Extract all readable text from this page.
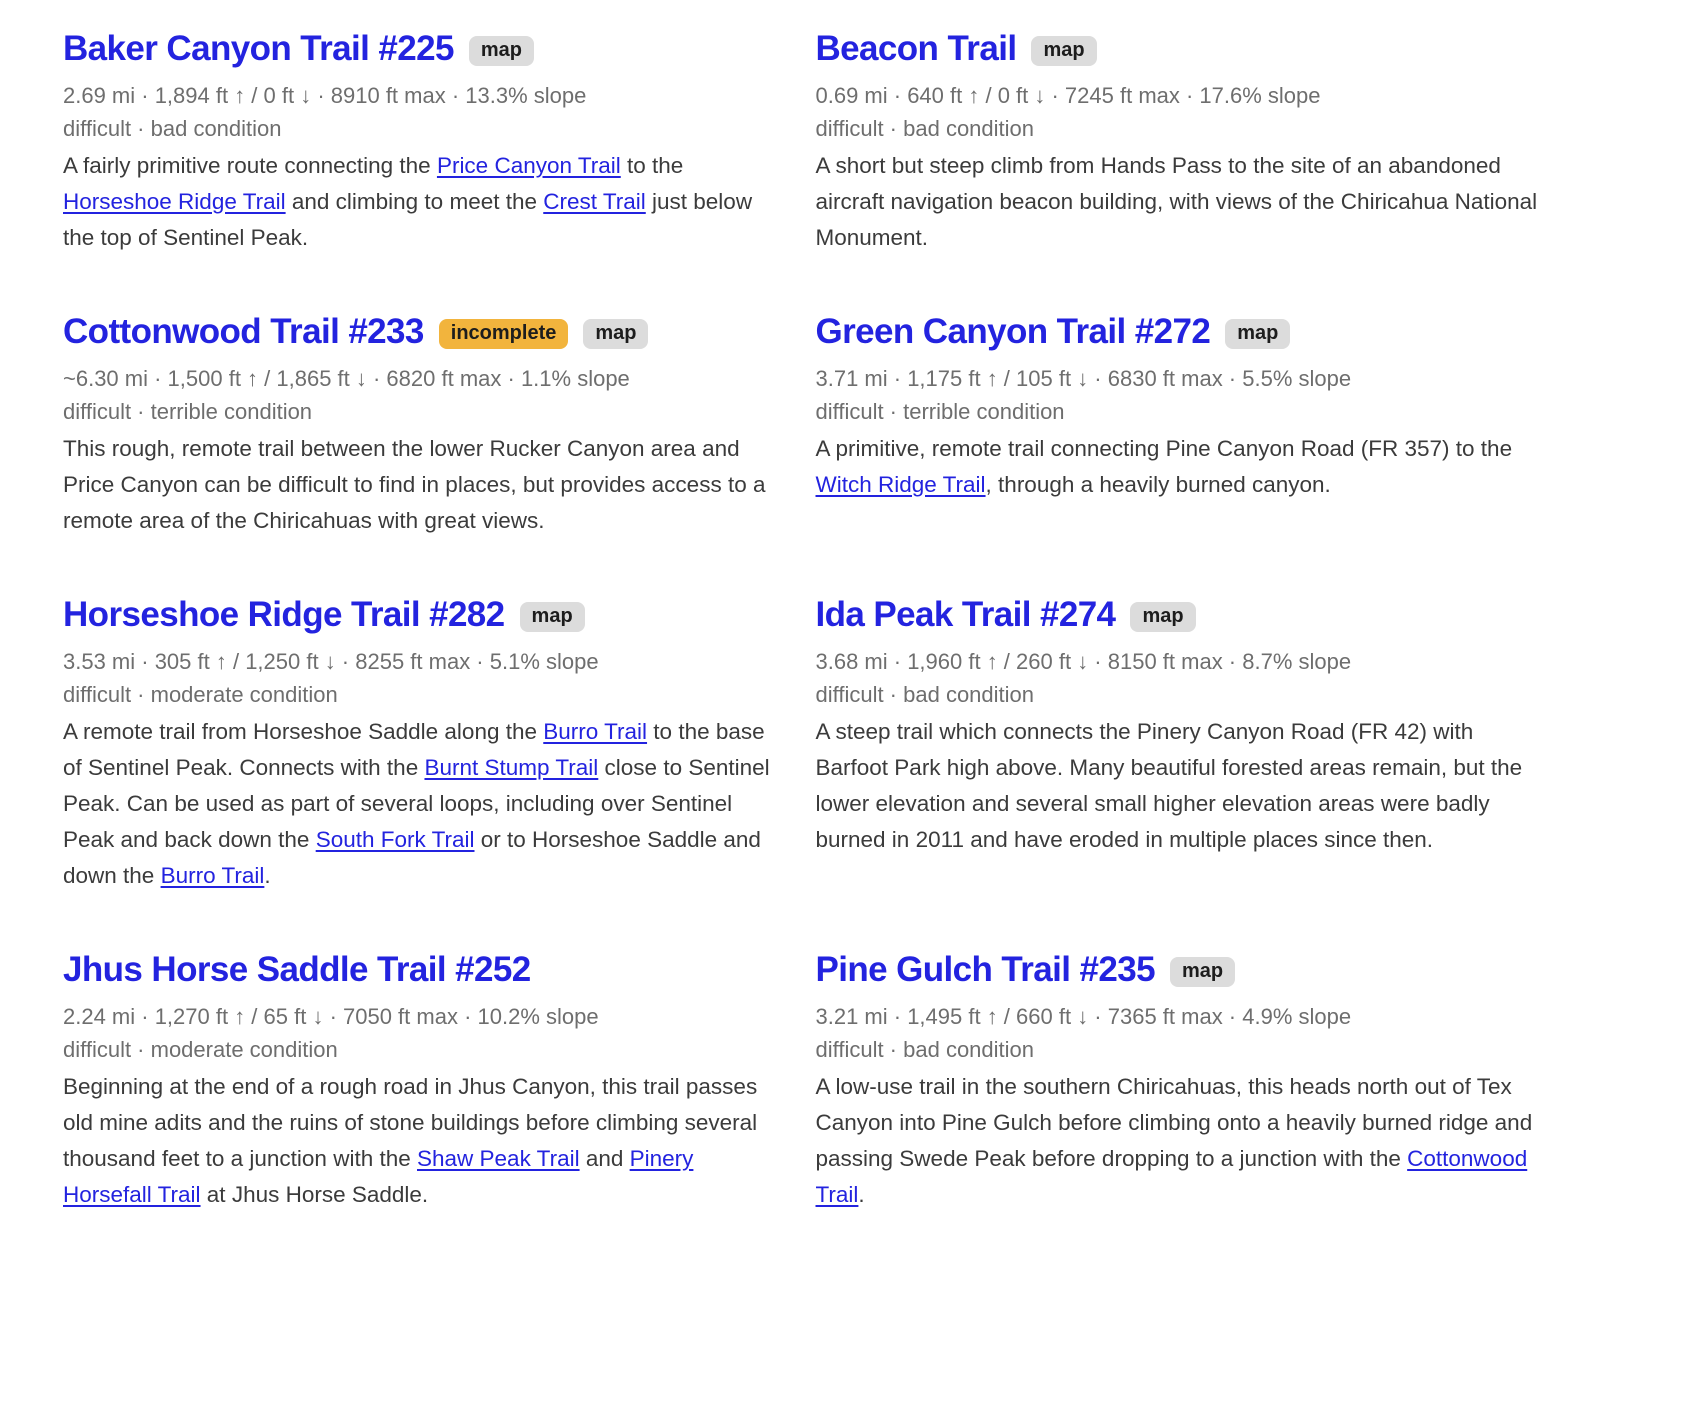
Baker Canyon Trail #225	map

2.69 mi · 1,894 ft ↑ / 0 ft ↓ · 8910 ft max · 13.3% slope

difficult · bad condition

A fairly primitive route connecting the Price Canyon Trail to the Horseshoe Ridge Trail and climbing to meet the Crest Trail just below the top of Sentinel Peak.

Beacon Trail	map

0.69 mi · 640 ft ↑ / 0 ft ↓ · 7245 ft max · 17.6% slope

difficult · bad condition

A short but steep climb from Hands Pass to the site of an abandoned aircraft navigation beacon building, with views of the Chiricahua National Monument.

Cottonwood Trail #233	incomplete	map

~6.30 mi · 1,500 ft ↑ / 1,865 ft ↓ · 6820 ft max · 1.1% slope

difficult · terrible condition

This rough, remote trail between the lower Rucker Canyon area and Price Canyon can be difficult to find in places, but provides access to a remote area of the Chiricahuas with great views.

Green Canyon Trail #272	map

3.71 mi · 1,175 ft ↑ / 105 ft ↓ · 6830 ft max · 5.5% slope

difficult · terrible condition

A primitive, remote trail connecting Pine Canyon Road (FR 357) to the Witch Ridge Trail, through a heavily burned canyon.

Horseshoe Ridge Trail #282	map

3.53 mi · 305 ft ↑ / 1,250 ft ↓ · 8255 ft max · 5.1% slope

difficult · moderate condition

A remote trail from Horseshoe Saddle along the Burro Trail to the base of Sentinel Peak. Connects with the Burnt Stump Trail close to Sentinel Peak. Can be used as part of several loops, including over Sentinel Peak and back down the South Fork Trail or to Horseshoe Saddle and down the Burro Trail.

Ida Peak Trail #274	map

3.68 mi · 1,960 ft ↑ / 260 ft ↓ · 8150 ft max · 8.7% slope

difficult · bad condition

A steep trail which connects the Pinery Canyon Road (FR 42) with Barfoot Park high above. Many beautiful forested areas remain, but the lower elevation and several small higher elevation areas were badly burned in 2011 and have eroded in multiple places since then.

Jhus Horse Saddle Trail #252

2.24 mi · 1,270 ft ↑ / 65 ft ↓ · 7050 ft max · 10.2% slope

difficult · moderate condition

Beginning at the end of a rough road in Jhus Canyon, this trail passes old mine adits and the ruins of stone buildings before climbing several thousand feet to a junction with the Shaw Peak Trail and Pinery Horsefall Trail at Jhus Horse Saddle.

Pine Gulch Trail #235	map

3.21 mi · 1,495 ft ↑ / 660 ft ↓ · 7365 ft max · 4.9% slope

difficult · bad condition

A low-use trail in the southern Chiricahuas, this heads north out of Tex Canyon into Pine Gulch before climbing onto a heavily burned ridge and passing Swede Peak before dropping to a junction with the Cottonwood Trail.
